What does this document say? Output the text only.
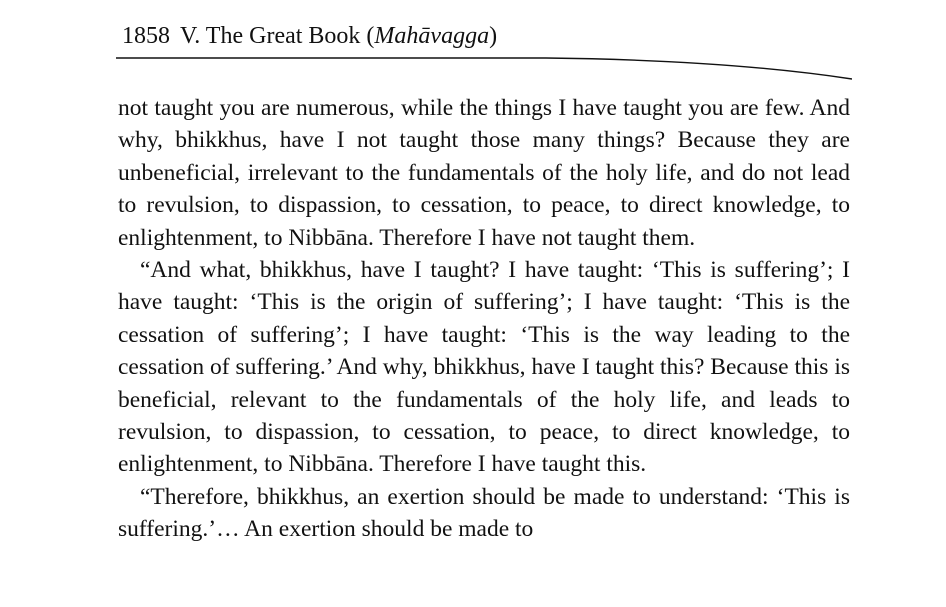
1858 V. The Great Book (Mahāvagga)

not taught you are numerous, while the things I have taught you are few. And why, bhikkhus, have I not taught those many things? Because they are unbeneficial, irrelevant to the fundamentals of the holy life, and do not lead to revulsion, to dispassion, to cessation, to peace, to direct knowledge, to enlightenment, to Nibbāna. Therefore I have not taught them.

“And what, bhikkhus, have I taught? I have taught: ‘This is suffering’; I have taught: ‘This is the origin of suffering’; I have taught: ‘This is the cessation of suffering’; I have taught: ‘This is the way leading to the cessation of suffering.’ And why, bhikkhus, have I taught this? Because this is beneficial, relevant to the fundamentals of the holy life, and leads to revulsion, to dispassion, to cessation, to peace, to direct knowledge, to enlightenment, to Nibbāna. Therefore I have taught this.

“Therefore, bhikkhus, an exertion should be made to understand: ‘This is suffering.’… An exertion should be made to
